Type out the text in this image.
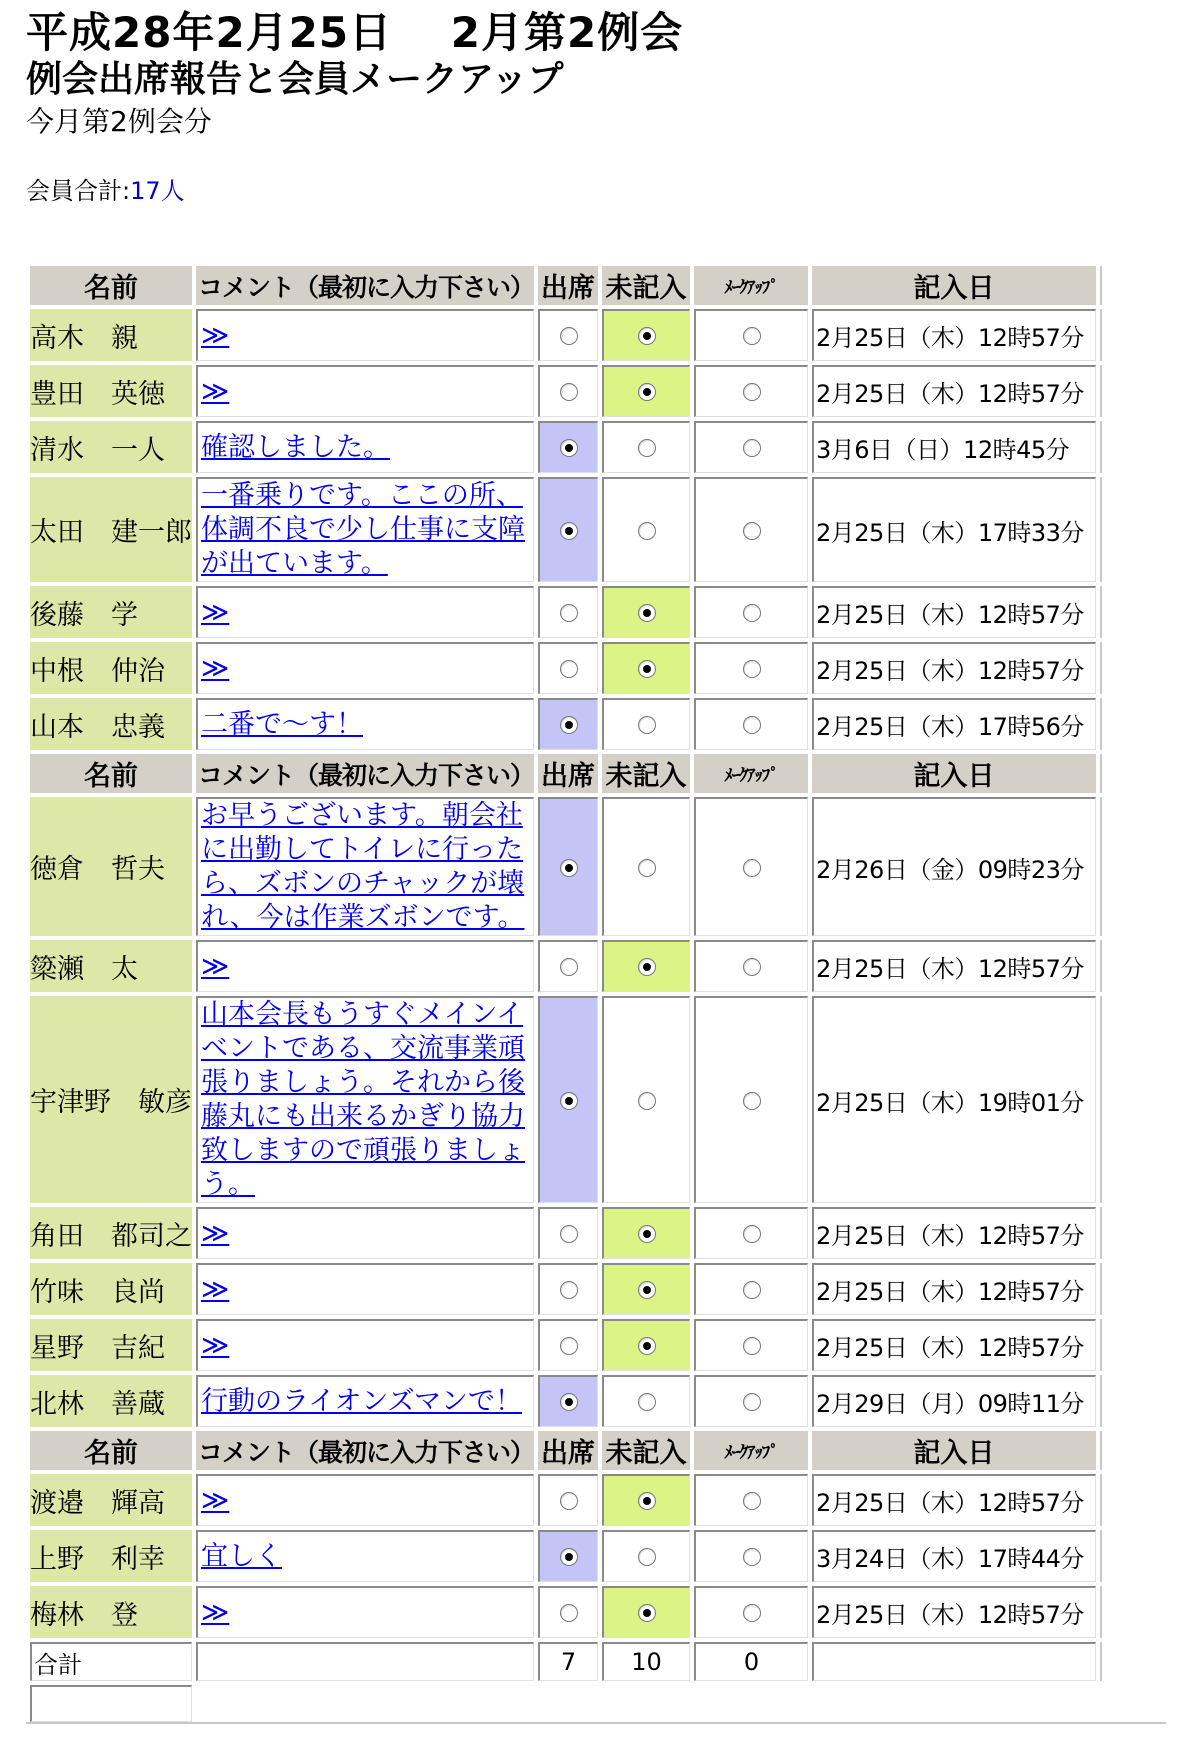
平成28年2月25日　 2月第2例会
例会出席報告と会員メークアップ
今月第2例会分
会員合計:17人
名前	コメント（最初に入力下さい）	出席	未記入	ﾒｰｸｱｯﾌﾟ	記入日	
高木　親	≫				2月25日（木）12時57分	
豊田　英徳	≫				2月25日（木）12時57分	
清水　一人	確認しました。				3月6日（日）12時45分	
太田　建一郎	一番乗りです。ここの所、体調不良で少し仕事に支障が出ています。				2月25日（木）17時33分	
後藤　学	≫				2月25日（木）12時57分	
中根　仲治	≫				2月25日（木）12時57分	
山本　忠義	二番で～す！				2月25日（木）17時56分	
名前	コメント（最初に入力下さい）	出席	未記入	ﾒｰｸｱｯﾌﾟ	記入日	
徳倉　哲夫	お早うございます。朝会社に出勤してトイレに行ったら、ズボンのチャックが壊れ、今は作業ズボンです。				2月26日（金）09時23分	
簗瀬　太	≫				2月25日（木）12時57分	
宇津野　敏彦	山本会長もうすぐメインイベントである、交流事業頑張りましょう。それから後藤丸にも出来るかぎり協力致しますので頑張りましょう。				2月25日（木）19時01分	
角田　都司之	≫				2月25日（木）12時57分	
竹味　良尚	≫				2月25日（木）12時57分	
星野　吉紀	≫				2月25日（木）12時57分	
北林　善蔵	行動のライオンズマンで！				2月29日（月）09時11分	
名前	コメント（最初に入力下さい）	出席	未記入	ﾒｰｸｱｯﾌﾟ	記入日	
渡邉　輝高	≫				2月25日（木）12時57分	
上野　利幸	宜しく				3月24日（木）17時44分	
梅林　登	≫				2月25日（木）12時57分	
合計		7	10	0		
